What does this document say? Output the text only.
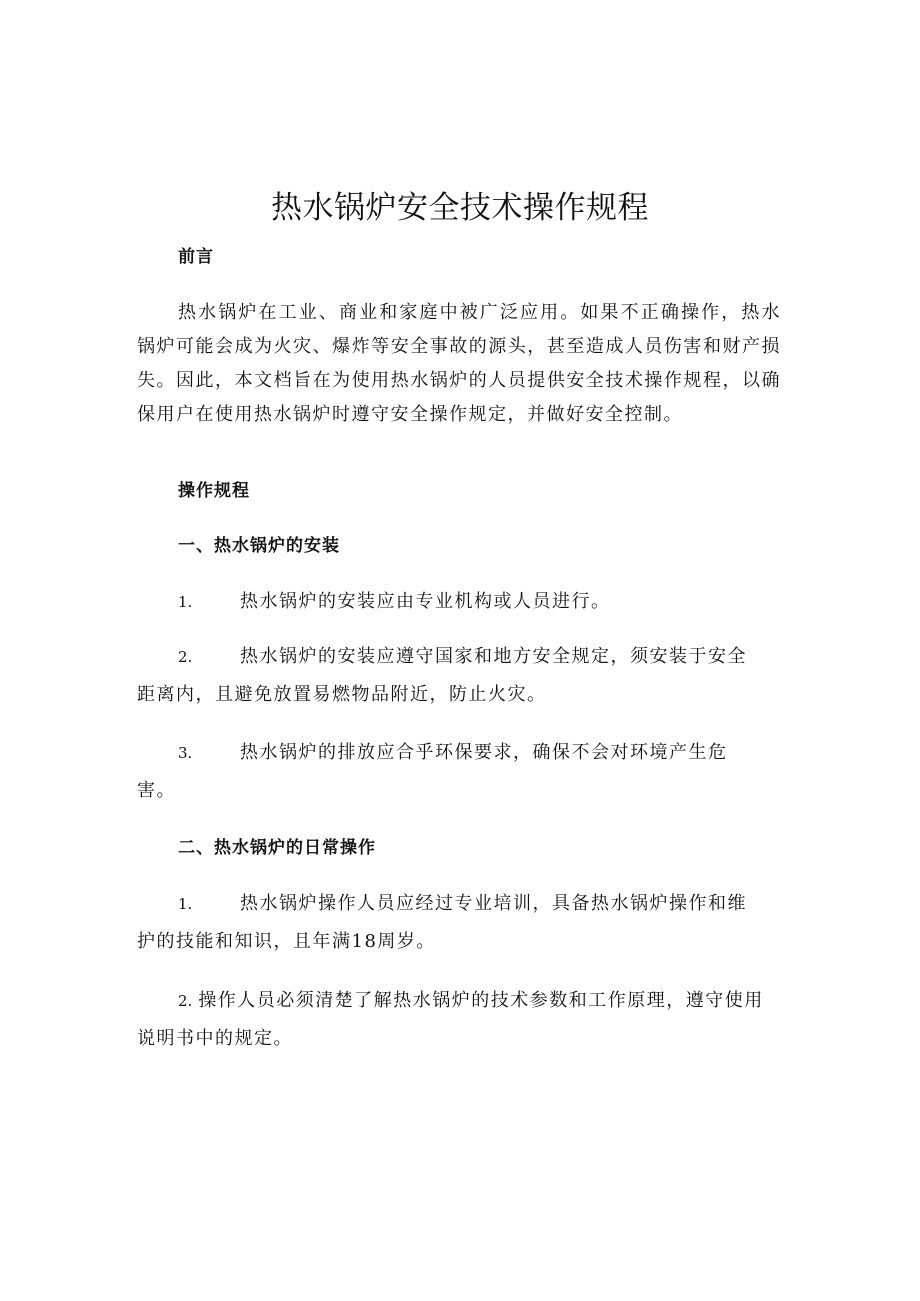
热水锅炉安全技术操作规程
前言
热水锅炉在工业、商业和家庭中被广泛应用。如果不正确操作，热水锅炉可能会成为火灾、爆炸等安全事故的源头，甚至造成人员伤害和财产损失。因此，本文档旨在为使用热水锅炉的人员提供安全技术操作规程，以确保用户在使用热水锅炉时遵守安全操作规定，并做好安全控制。
操作规程
一、热水锅炉的安装
1.	热水锅炉的安装应由专业机构或人员进行。
2.	热水锅炉的安装应遵守国家和地方安全规定，须安装于安全距离内，且避免放置易燃物品附近，防止火灾。
3.	热水锅炉的排放应合乎环保要求，确保不会对环境产生危害。
二、热水锅炉的日常操作
1.	热水锅炉操作人员应经过专业培训，具备热水锅炉操作和维护的技能和知识，且年满18周岁。
2. 操作人员必须清楚了解热水锅炉的技术参数和工作原理，遵守使用说明书中的规定。
